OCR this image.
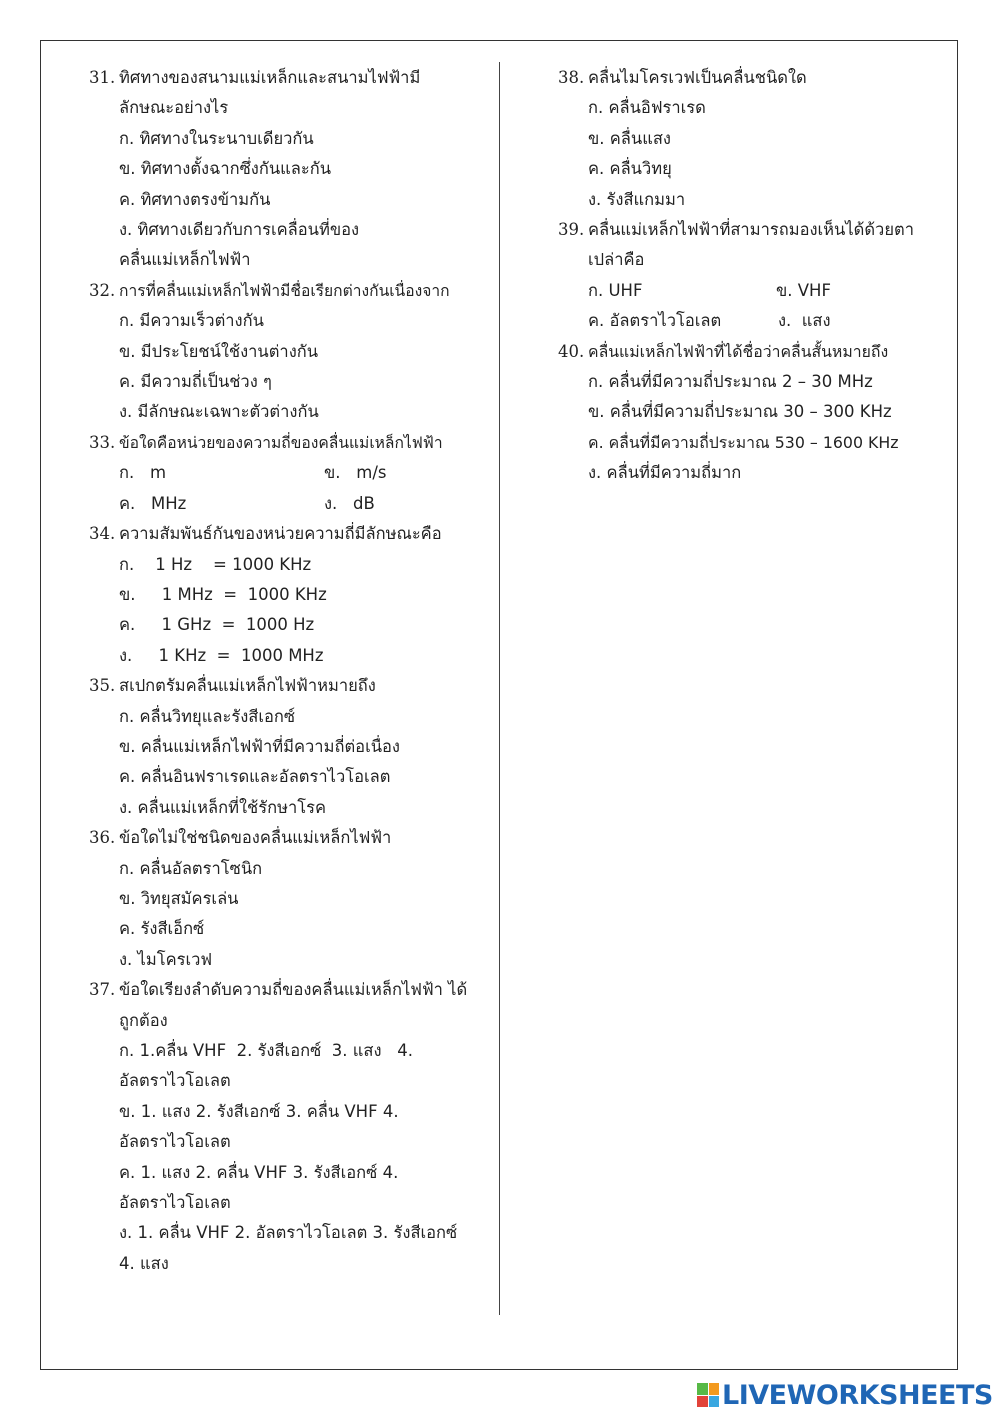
31. ทิศทางของสนามแม่เหล็กและสนามไฟฟ้ามีลักษณะอย่างไร
ก. ทิศทางในระนาบเดียวกัน
ข. ทิศทางตั้งฉากซึ่งกันและกัน
ค. ทิศทางตรงข้ามกัน
ง. ทิศทางเดียวกับการเคลื่อนที่ของคลื่นแม่เหล็กไฟฟ้า
32. การที่คลื่นแม่เหล็กไฟฟ้ามีชื่อเรียกต่างกันเนื่องจาก
ก. มีความเร็วต่างกัน
ข. มีประโยชน์ใช้งานต่างกัน
ค. มีความถี่เป็นช่วง ๆ
ง. มีลักษณะเฉพาะตัวต่างกัน
33. ข้อใดคือหน่วยของความถี่ของคลื่นแม่เหล็กไฟฟ้า
ก.   m	ข.   m/s
ค.   MHz	ง.   dB
34. ความสัมพันธ์กันของหน่วยความถี่มีลักษณะคือ
ก.    1 Hz    = 1000 KHz
ข.     1 MHz  =  1000 KHz
ค.     1 GHz  =  1000 Hz
ง.     1 KHz  =  1000 MHz
35. สเปกตรัมคลื่นแม่เหล็กไฟฟ้าหมายถึง
ก. คลื่นวิทยุและรังสีเอกซ์
ข. คลื่นแม่เหล็กไฟฟ้าที่มีความถี่ต่อเนื่อง
ค. คลื่นอินฟราเรดและอัลตราไวโอเลต
ง. คลื่นแม่เหล็กที่ใช้รักษาโรค
36. ข้อใดไม่ใช่ชนิดของคลื่นแม่เหล็กไฟฟ้า
ก. คลื่นอัลตราโซนิก
ข. วิทยุสมัครเล่น
ค. รังสีเอ็กซ์
ง. ไมโครเวฟ
37. ข้อใดเรียงลำดับความถี่ของคลื่นแม่เหล็กไฟฟ้า ได้ถูกต้อง
ก. 1.คลื่น VHF  2. รังสีเอกซ์  3. แสง   4. อัลตราไวโอเลต
ข. 1. แสง 2. รังสีเอกซ์ 3. คลื่น VHF 4. อัลตราไวโอเลต
ค. 1. แสง 2. คลื่น VHF 3. รังสีเอกซ์ 4. อัลตราไวโอเลต
ง. 1. คลื่น VHF 2. อัลตราไวโอเลต 3. รังสีเอกซ์ 4. แสง
38. คลื่นไมโครเวฟเป็นคลื่นชนิดใด
ก. คลื่นอิฟราเรด
ข. คลื่นแสง
ค. คลื่นวิทยุ
ง. รังสีแกมมา
39. คลื่นแม่เหล็กไฟฟ้าที่สามารถมองเห็นได้ด้วยตาเปล่าคือ
ก. UHF	ข. VHF
ค. อัลตราไวโอเลต	ง.  แสง
40. คลื่นแม่เหล็กไฟฟ้าที่ได้ชื่อว่าคลื่นสั้นหมายถึง
ก. คลื่นที่มีความถี่ประมาณ 2 – 30 MHz
ข. คลื่นที่มีความถี่ประมาณ 30 – 300 KHz
ค. คลื่นที่มีความถี่ประมาณ 530 – 1600 KHz
ง. คลื่นที่มีความถี่มาก
LIVEWORKSHEETS
